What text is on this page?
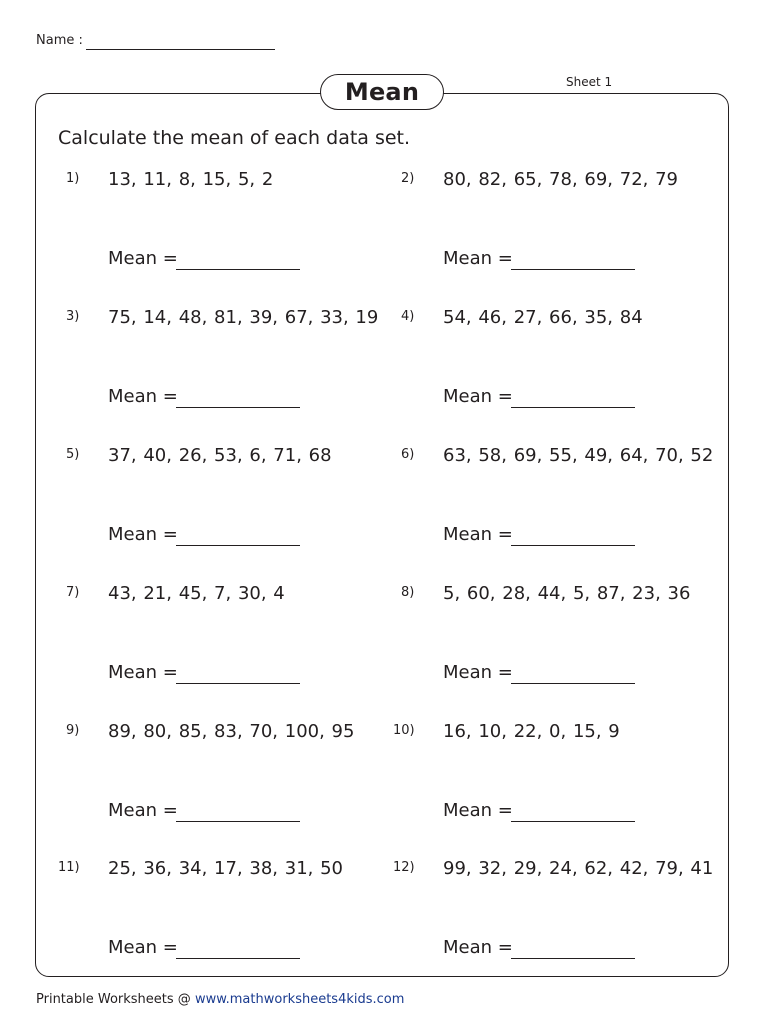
Name :
Sheet 1
Mean
Calculate the mean of each data set.
1) 13, 11, 8, 15, 5, 2
Mean =
2) 80, 82, 65, 78, 69, 72, 79
Mean =
3) 75, 14, 48, 81, 39, 67, 33, 19
Mean =
4) 54, 46, 27, 66, 35, 84
Mean =
5) 37, 40, 26, 53, 6, 71, 68
Mean =
6) 63, 58, 69, 55, 49, 64, 70, 52
Mean =
7) 43, 21, 45, 7, 30, 4
Mean =
8) 5, 60, 28, 44, 5, 87, 23, 36
Mean =
9) 89, 80, 85, 83, 70, 100, 95
Mean =
10) 16, 10, 22, 0, 15, 9
Mean =
11) 25, 36, 34, 17, 38, 31, 50
Mean =
12) 99, 32, 29, 24, 62, 42, 79, 41
Mean =
Printable Worksheets @ www.mathworksheets4kids.com
